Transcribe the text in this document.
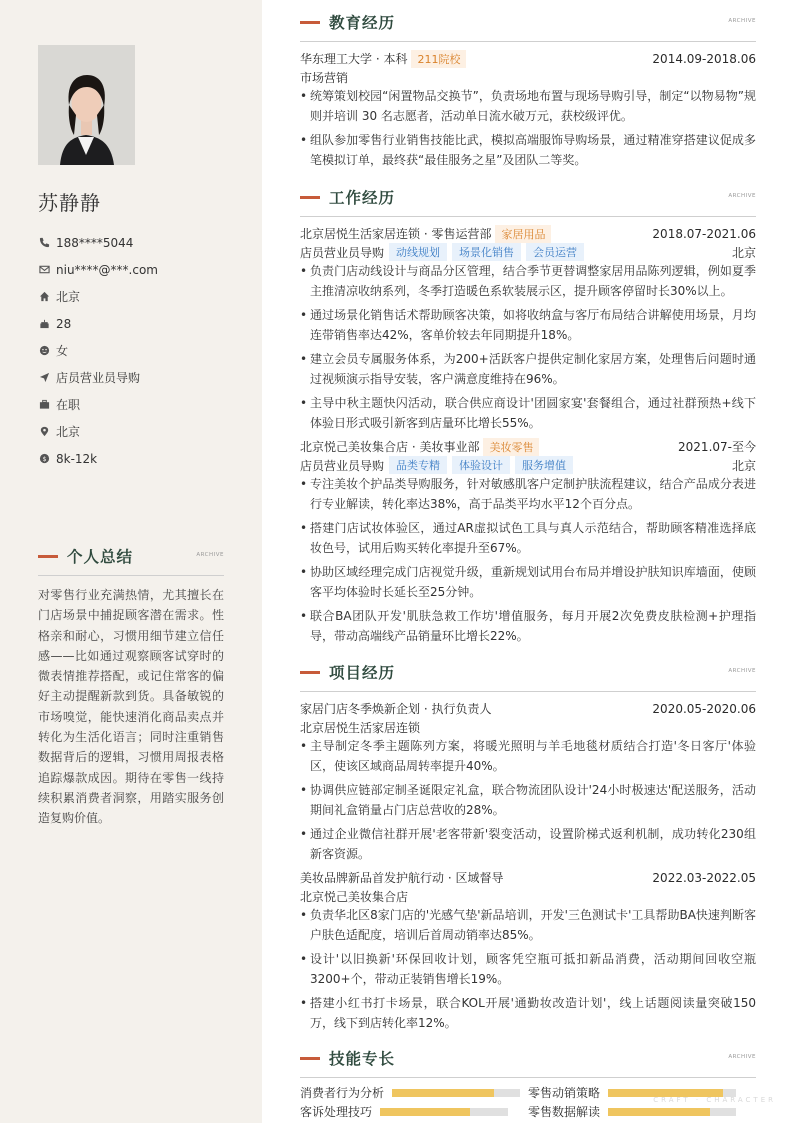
苏静静
188****5044
niu****@***.com
北京
28
女
店员营业员导购
在职
北京
$ 8k-12k
个人总结	ARCHIVE
对零售行业充满热情，尤其擅长在门店场景中捕捉顾客潜在需求。性格亲和耐心，习惯用细节建立信任感——比如通过观察顾客试穿时的微表情推荐搭配，或记住常客的偏好主动提醒新款到货。具备敏锐的市场嗅觉，能快速消化商品卖点并转化为生活化语言；同时注重销售数据背后的逻辑，习惯用周报表格追踪爆款成因。期待在零售一线持续积累消费者洞察，用踏实服务创造复购价值。
教育经历	ARCHIVE
华东理工大学 · 本科 211院校	2014.09-2018.06
市场营销
• 统筹策划校园“闲置物品交换节”，负责场地布置与现场导购引导，制定“以物易物”规则并培训 30 名志愿者，活动单日流水破万元，获校级评优。
• 组队参加零售行业销售技能比武，模拟高端服饰导购场景，通过精准穿搭建议促成多笔模拟订单，最终获“最佳服务之星”及团队二等奖。
工作经历	ARCHIVE
北京居悦生活家居连锁 · 零售运营部 家居用品	2018.07-2021.06
店员营业员导购	动线规划	场景化销售	会员运营	北京
• 负责门店动线设计与商品分区管理，结合季节更替调整家居用品陈列逻辑，例如夏季主推清凉收纳系列，冬季打造暖色系软装展示区，提升顾客停留时长30%以上。
• 通过场景化销售话术帮助顾客决策，如将收纳盒与客厅布局结合讲解使用场景，月均连带销售率达42%，客单价较去年同期提升18%。
• 建立会员专属服务体系，为200+活跃客户提供定制化家居方案，处理售后问题时通过视频演示指导安装，客户满意度维持在96%。
• 主导中秋主题快闪活动，联合供应商设计'团圆家宴'套餐组合，通过社群预热+线下体验日形式吸引新客到店量环比增长55%。
北京悦己美妆集合店 · 美妆事业部 美妆零售	2021.07-至今
店员营业员导购	品类专精	体验设计	服务增值	北京
• 专注美妆个护品类导购服务，针对敏感肌客户定制护肤流程建议，结合产品成分表进行专业解读，转化率达38%，高于品类平均水平12个百分点。
• 搭建门店试妆体验区，通过AR虚拟试色工具与真人示范结合，帮助顾客精准选择底妆色号，试用后购买转化率提升至67%。
• 协助区域经理完成门店视觉升级，重新规划试用台布局并增设护肤知识库墙面，使顾客平均体验时长延长至25分钟。
• 联合BA团队开发'肌肤急救工作坊'增值服务，每月开展2次免费皮肤检测+护理指导，带动高端线产品销量环比增长22%。
项目经历	ARCHIVE
家居门店冬季焕新企划 · 执行负责人	2020.05-2020.06
北京居悦生活家居连锁
• 主导制定冬季主题陈列方案，将暖光照明与羊毛地毯材质结合打造'冬日客厅'体验区，使该区域商品周转率提升40%。
• 协调供应链部定制圣诞限定礼盒，联合物流团队设计'24小时极速达'配送服务，活动期间礼盒销量占门店总营收的28%。
• 通过企业微信社群开展'老客带新'裂变活动，设置阶梯式返利机制，成功转化230组新客资源。
美妆品牌新品首发护航行动 · 区域督导	2022.03-2022.05
北京悦己美妆集合店
• 负责华北区8家门店的'光感气垫'新品培训，开发'三色测试卡'工具帮助BA快速判断客户肤色适配度，培训后首周动销率达85%。
• 设计'以旧换新'环保回收计划，顾客凭空瓶可抵扣新品消费，活动期间回收空瓶3200+个，带动正装销售增长19%。
• 搭建小红书打卡场景，联合KOL开展'通勤妆改造计划'，线上话题阅读量突破150万，线下到店转化率12%。
技能专长	ARCHIVE
消费者行为分析	零售动销策略
客诉处理技巧	零售数据解读
CRAFT · CHARACTER
